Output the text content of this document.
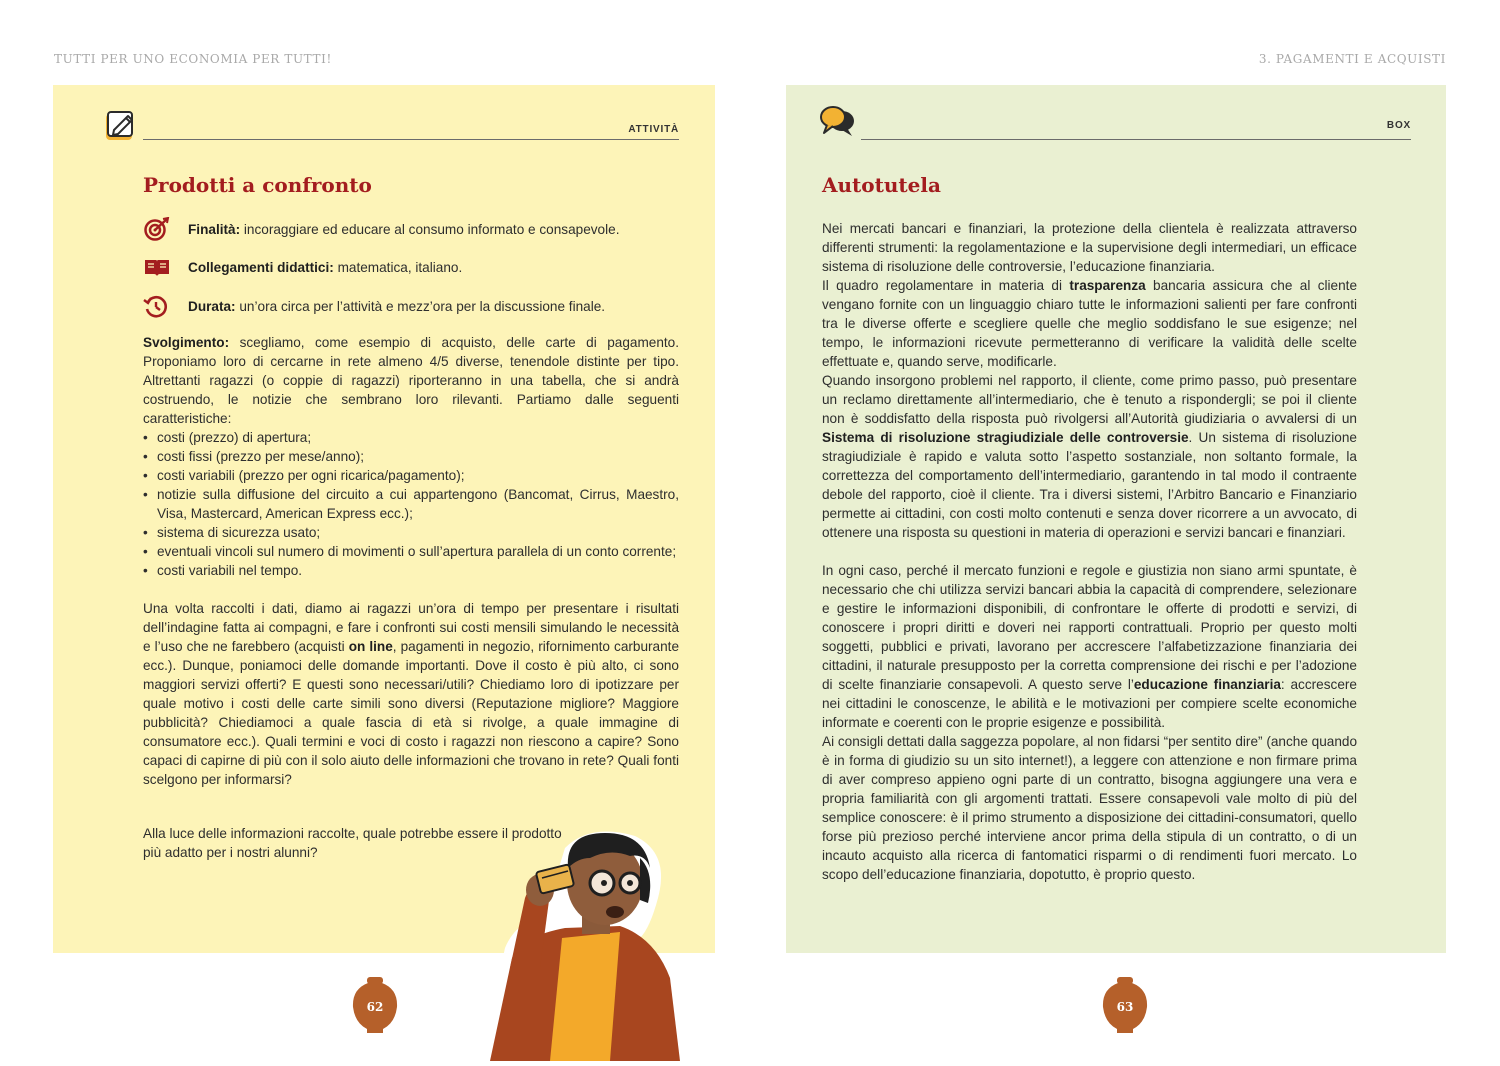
TUTTI PER UNO ECONOMIA PER TUTTI!	3. PAGAMENTI E ACQUISTI
ATTIVITÀ
Prodotti a confronto
Finalità:
incoraggiare ed educare al consumo informato e consapevole.
Collegamenti didattici:
matematica, italiano.
Durata:
un’ora circa per l’attività e mezz’ora per la discussione finale.

Svolgimento: scegliamo, come esempio di acquisto, delle carte di pagamento. Proponiamo loro di cercarne in rete almeno 4/5 diverse, tenendole distinte per tipo. Altrettanti ragazzi (o coppie di ragazzi) riporteranno in una tabella, che si andrà costruendo, le notizie che sembrano loro rilevanti. Partiamo dalle seguenti caratteristiche:

• costi (prezzo) di apertura;
• costi fissi (prezzo per mese/anno);
• costi variabili (prezzo per ogni ricarica/pagamento);
• notizie sulla diffusione del circuito a cui appartengono (Bancomat, Cirrus, Maestro, Visa, Mastercard, American Express ecc.);
• sistema di sicurezza usato;
• eventuali vincoli sul numero di movimenti o sull’apertura parallela di un conto corrente;
• costi variabili nel tempo.

Una volta raccolti i dati, diamo ai ragazzi un’ora di tempo per presentare i risultati dell’indagine fatta ai compagni, e fare i confronti sui costi mensili simulando le necessità e l’uso che ne farebbero (acquisti on line, pagamenti in negozio, rifornimento carburante ecc.). Dunque, poniamoci delle domande importanti. Dove il costo è più alto, ci sono maggiori servizi offerti? E questi sono necessari/utili? Chiediamo loro di ipotizzare per quale motivo i costi delle carte simili sono diversi (Reputazione migliore? Maggiore pubblicità? Chiediamoci a quale fascia di età si rivolge, a quale immagine di consumatore ecc.). Quali termini e voci di costo i ragazzi non riescono a capire? Sono capaci di capirne di più con il solo aiuto delle informazioni che trovano in rete? Quali fonti scelgono per informarsi?

Alla luce delle informazioni raccolte, quale potrebbe essere il prodotto più adatto per i nostri alunni?

BOX
Autotutela

Nei mercati bancari e finanziari, la protezione della clientela è realizzata attraverso differenti strumenti: la regolamentazione e la supervisione degli intermediari, un efficace sistema di risoluzione delle controversie, l’educazione finanziaria.

Il quadro regolamentare in materia di trasparenza bancaria assicura che al cliente vengano fornite con un linguaggio chiaro tutte le informazioni salienti per fare confronti tra le diverse offerte e scegliere quelle che meglio soddisfano le sue esigenze; nel tempo, le informazioni ricevute permetteranno di verificare la validità delle scelte effettuate e, quando serve, modificarle.

Quando insorgono problemi nel rapporto, il cliente, come primo passo, può presentare un reclamo direttamente all’intermediario, che è tenuto a rispondergli; se poi il cliente non è soddisfatto della risposta può rivolgersi all’Autorità giudiziaria o avvalersi di un Sistema di risoluzione stragiudiziale delle controversie. Un sistema di risoluzione stragiudiziale è rapido e valuta sotto l’aspetto sostanziale, non soltanto formale, la correttezza del comportamento dell’intermediario, garantendo in tal modo il contraente debole del rapporto, cioè il cliente. Tra i diversi sistemi, l’Arbitro Bancario e Finanziario permette ai cittadini, con costi molto contenuti e senza dover ricorrere a un avvocato, di ottenere una risposta su questioni in materia di operazioni e servizi bancari e finanziari.

In ogni caso, perché il mercato funzioni e regole e giustizia non siano armi spuntate, è necessario che chi utilizza servizi bancari abbia la capacità di comprendere, selezionare e gestire le informazioni disponibili, di confrontare le offerte di prodotti e servizi, di conoscere i propri diritti e doveri nei rapporti contrattuali. Proprio per questo molti soggetti, pubblici e privati, lavorano per accrescere l’alfabetizzazione finanziaria dei cittadini, il naturale presupposto per la corretta comprensione dei rischi e per l’adozione di scelte finanziarie consapevoli. A questo serve l’educazione finanziaria: accrescere nei cittadini le conoscenze, le abilità e le motivazioni per compiere scelte economiche informate e coerenti con le proprie esigenze e possibilità.

Ai consigli dettati dalla saggezza popolare, al non fidarsi “per sentito dire” (anche quando è in forma di giudizio su un sito internet!), a leggere con attenzione e non firmare prima di aver compreso appieno ogni parte di un contratto, bisogna aggiungere una vera e propria familiarità con gli argomenti trattati. Essere consapevoli vale molto di più del semplice conoscere: è il primo strumento a disposizione dei cittadini-consumatori, quello forse più prezioso perché interviene ancor prima della stipula di un contratto, o di un incauto acquisto alla ricerca di fantomatici risparmi o di rendimenti fuori mercato. Lo scopo dell’educazione finanziaria, dopotutto, è proprio questo.

62	63
